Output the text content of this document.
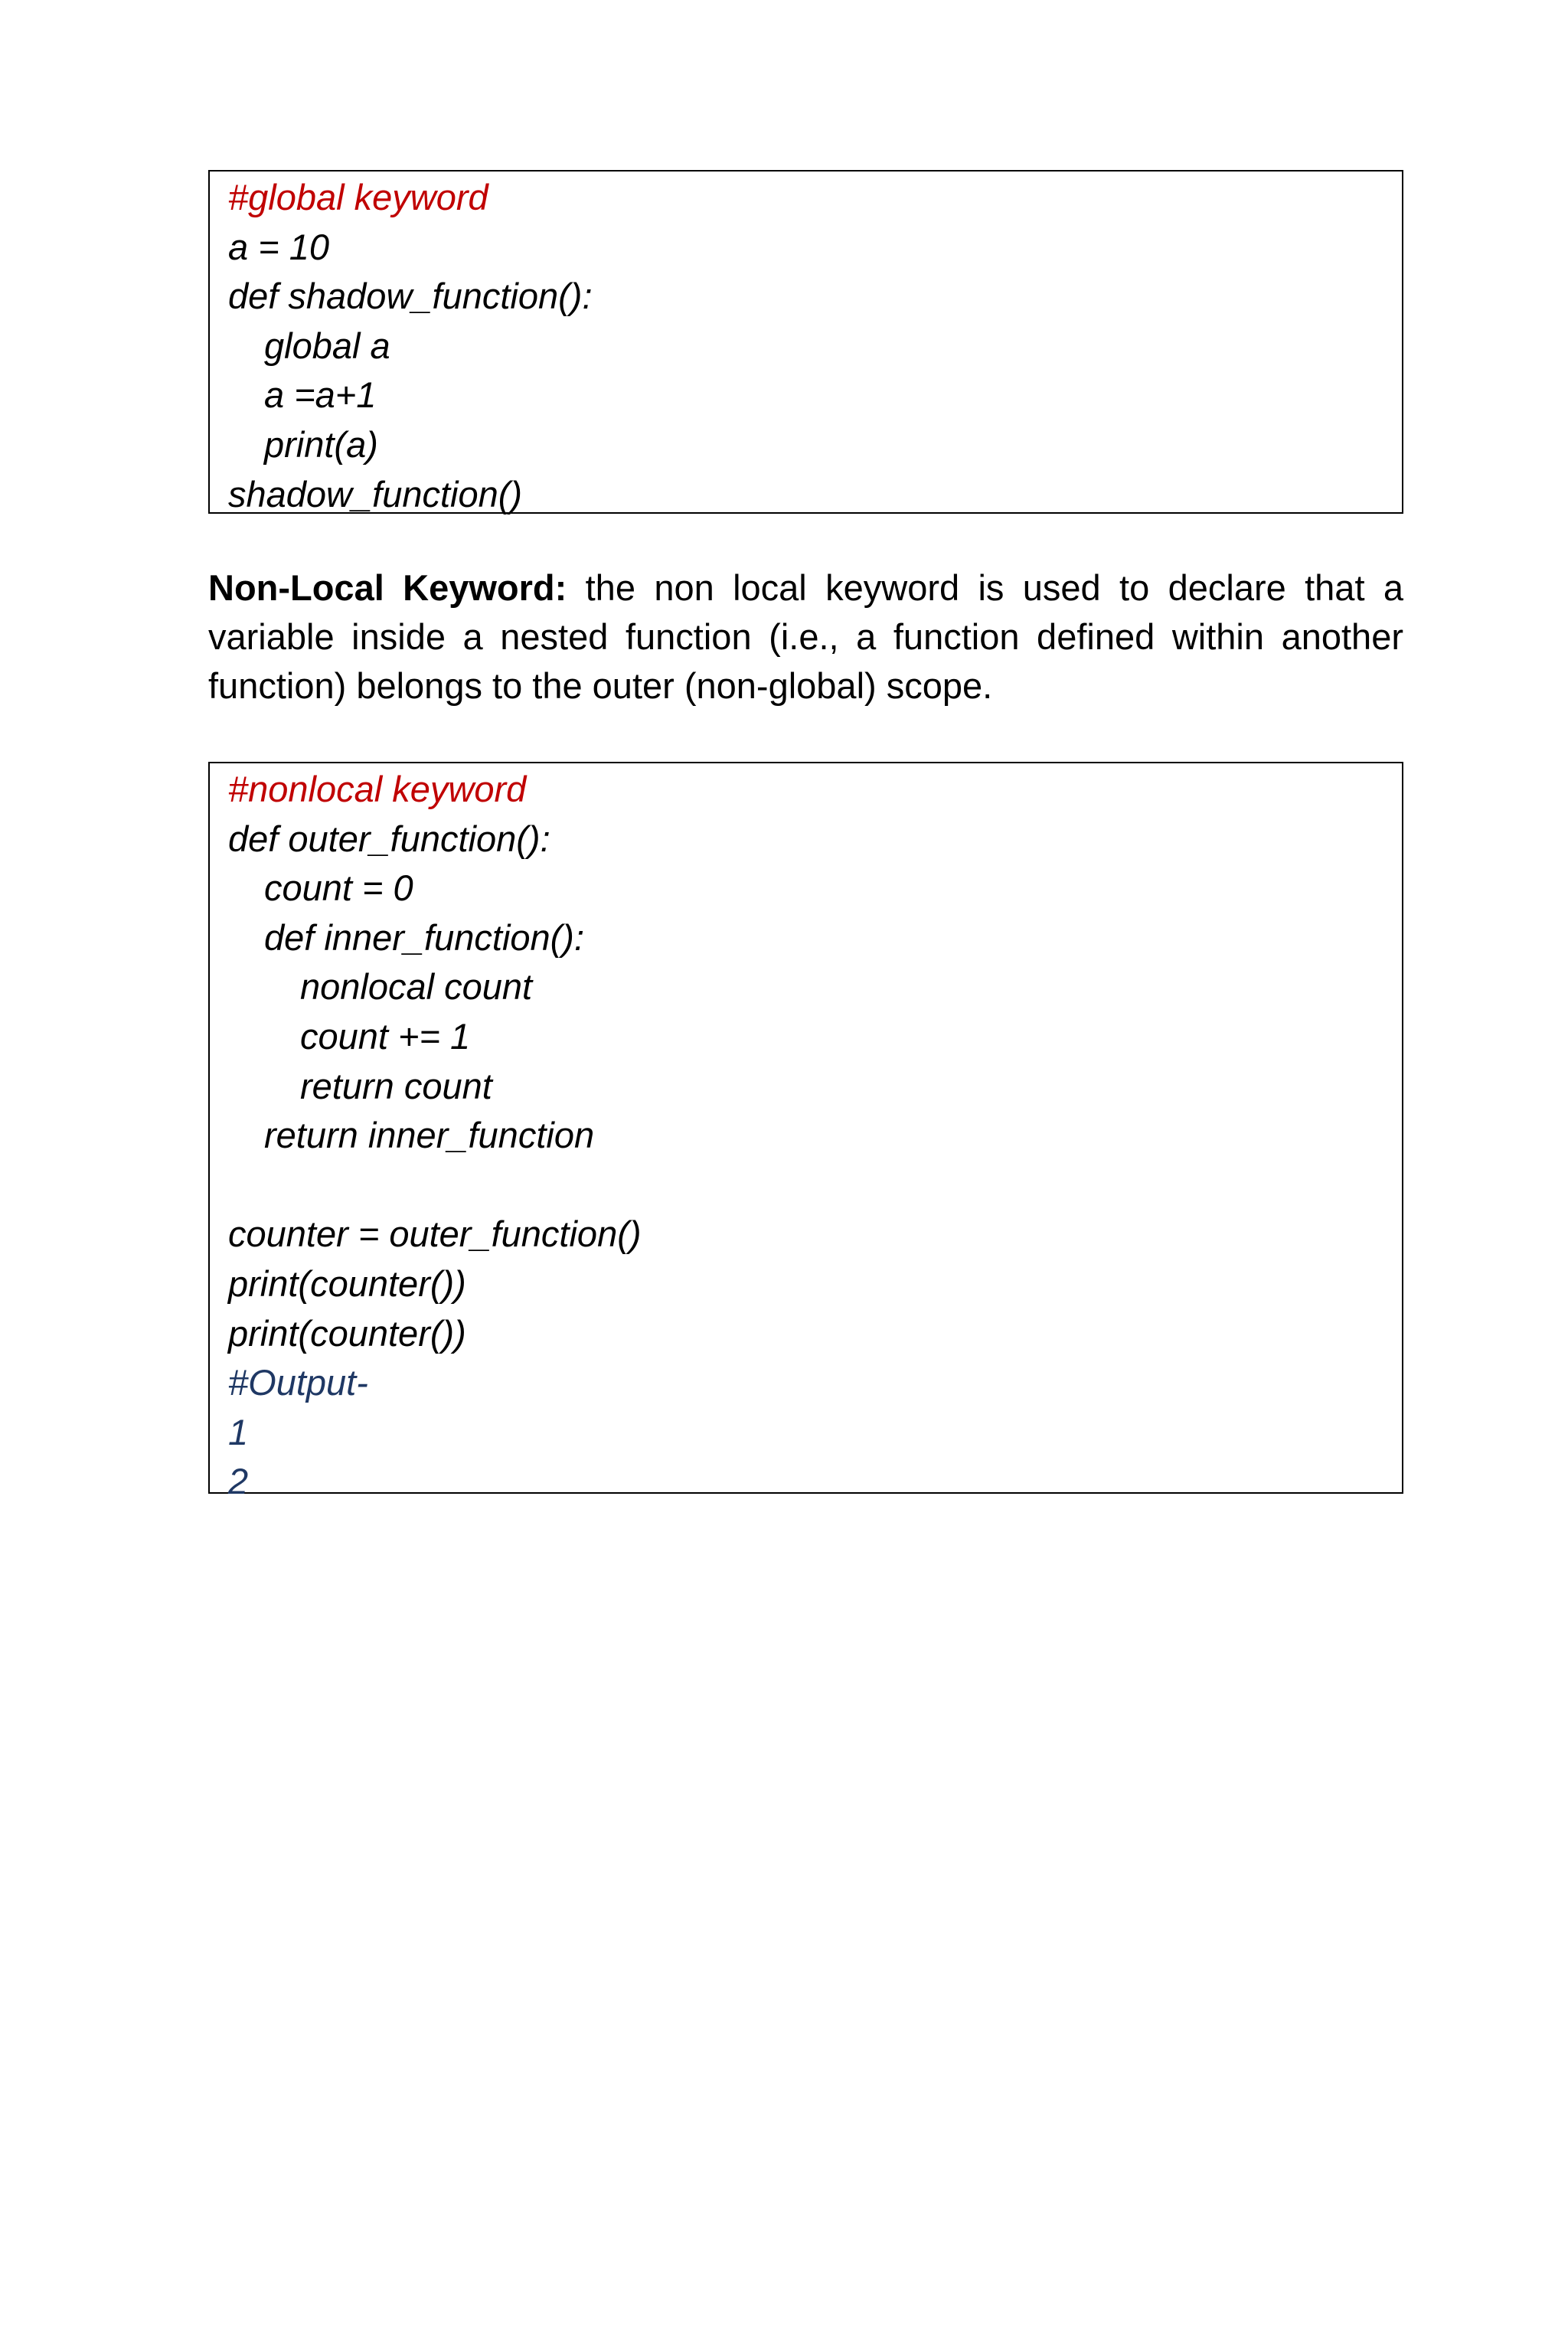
#global keyword
a = 10
def shadow_function():
global a
a =a+1
print(a)
shadow_function()

Non-Local Keyword: the non local keyword is used to declare that a variable inside a nested function (i.e., a function defined within another function) belongs to the outer (non-global) scope.

#nonlocal keyword
def outer_function():
count = 0
def inner_function():
nonlocal count
count += 1
return count
return inner_function
counter = outer_function()
print(counter())
print(counter())
#Output-
1
2
